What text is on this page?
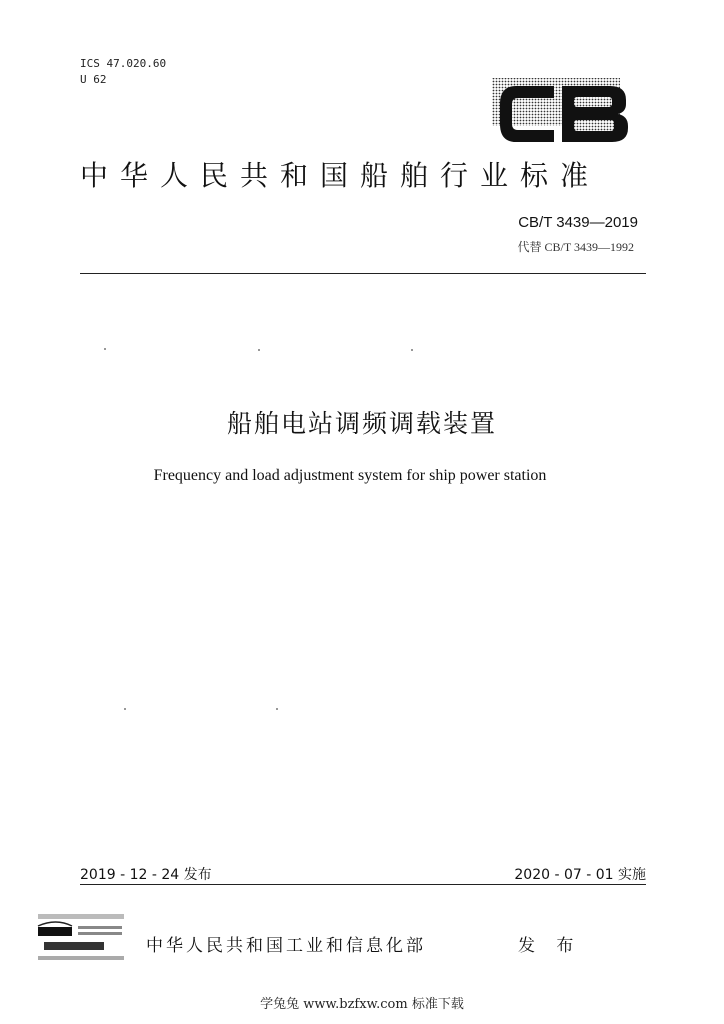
ICS 47.020.60
U 62
中华人民共和国船舶行业标准
CB/T 3439—2019
代替 CB/T 3439—1992
船舶电站调频调载装置
Frequency and load adjustment system for ship power station
2019 - 12 - 24 发布	2020 - 07 - 01 实施
中华人民共和国工业和信息化部	发 布
学兔兔 www.bzfxw.com 标准下载
